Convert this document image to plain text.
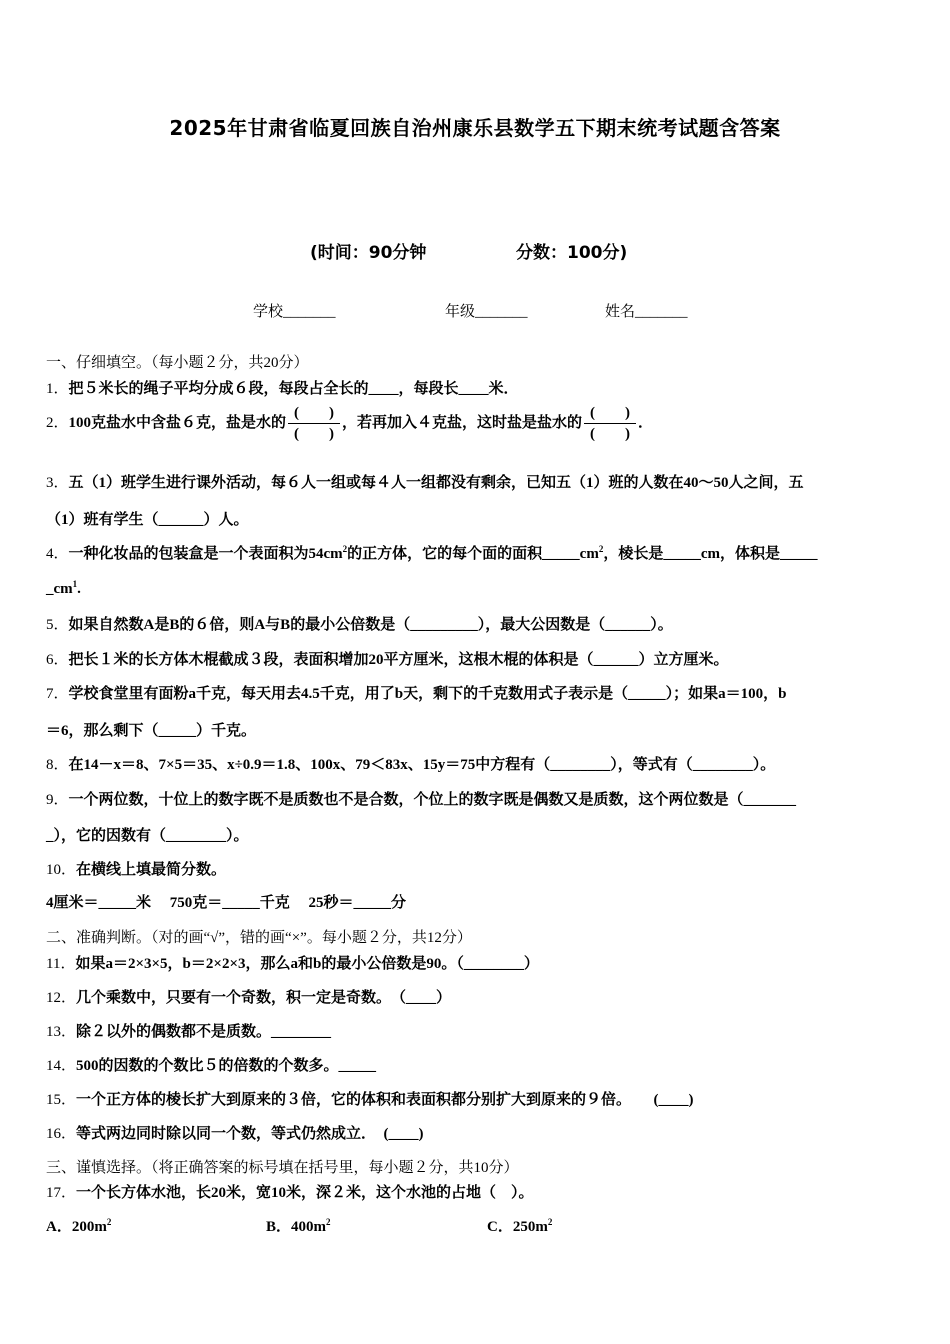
2025年甘肃省临夏回族自治州康乐县数学五下期末统考试题含答案
(时间：90分钟	分数：100分)
学校_______	年级_______	姓名_______
一、仔细填空。（每小题２分，共20分）
1．把５米长的绳子平均分成６段，每段占全长的____，每段长____米．
2．100克盐水中含盐６克，盐是水的 $\frac{( )}{( )}$ ，若再加入４克盐，这时盐是盐水的 $\frac{( )}{( )}$ ．
3．五（1）班学生进行课外活动，每６人一组或每４人一组都没有剩余，已知五（1）班的人数在40～50人之间，五
（1）班有学生（______）人。
4．一种化妆品的包装盒是一个表面积为$54cm^2$的正方体，它的每个面的面积$\_\_\_\_\_cm^2$，棱长是_____cm，体积是_____
$\_cm^1$.
5．如果自然数A是B的６倍，则A与B的最小公倍数是（_________），最大公因数是（______）。
6．把长１米的长方体木棍截成３段，表面积增加20平方厘米，这根木棍的体积是（______）立方厘米。
7．学校食堂里有面粉a千克，每天用去4.5千克，用了b天，剩下的千克数用式子表示是（_____）；如果a＝100，b
＝6，那么剩下（_____）千克。
8．在14－x＝8、7×5＝35、x÷0.9＝1.8、100x、79＜83x、15y＝75中方程有（________），等式有（________）。
9．一个两位数，十位上的数字既不是质数也不是合数，个位上的数字既是偶数又是质数，这个两位数是（_______
_），它的因数有（________）。
10．在横线上填最简分数。
4厘米＝_____米　 750克＝_____千克　 25秒＝_____分
二、准确判断。（对的画“√”，错的画“×”。每小题２分，共12分）
11．如果a＝2×3×5，b＝2×2×3，那么a和b的最小公倍数是90。（________）
12．几个乘数中，只要有一个奇数，积一定是奇数。　（____）
13．除２以外的偶数都不是质数。________
14．500的因数的个数比５的倍数的个数多。_____
15．一个正方体的棱长扩大到原来的３倍，它的体积和表面积都分别扩大到原来的９倍。　　(____)
16．等式两边同时除以同一个数，等式仍然成立．　(____)
三、谨慎选择。（将正确答案的标号填在括号里，每小题２分，共10分）
17．一个长方体水池，长20米，宽10米，深２米，这个水池的占地（　）。
A．$200m^2$	B．$400m^2$	C．$250m^2$
